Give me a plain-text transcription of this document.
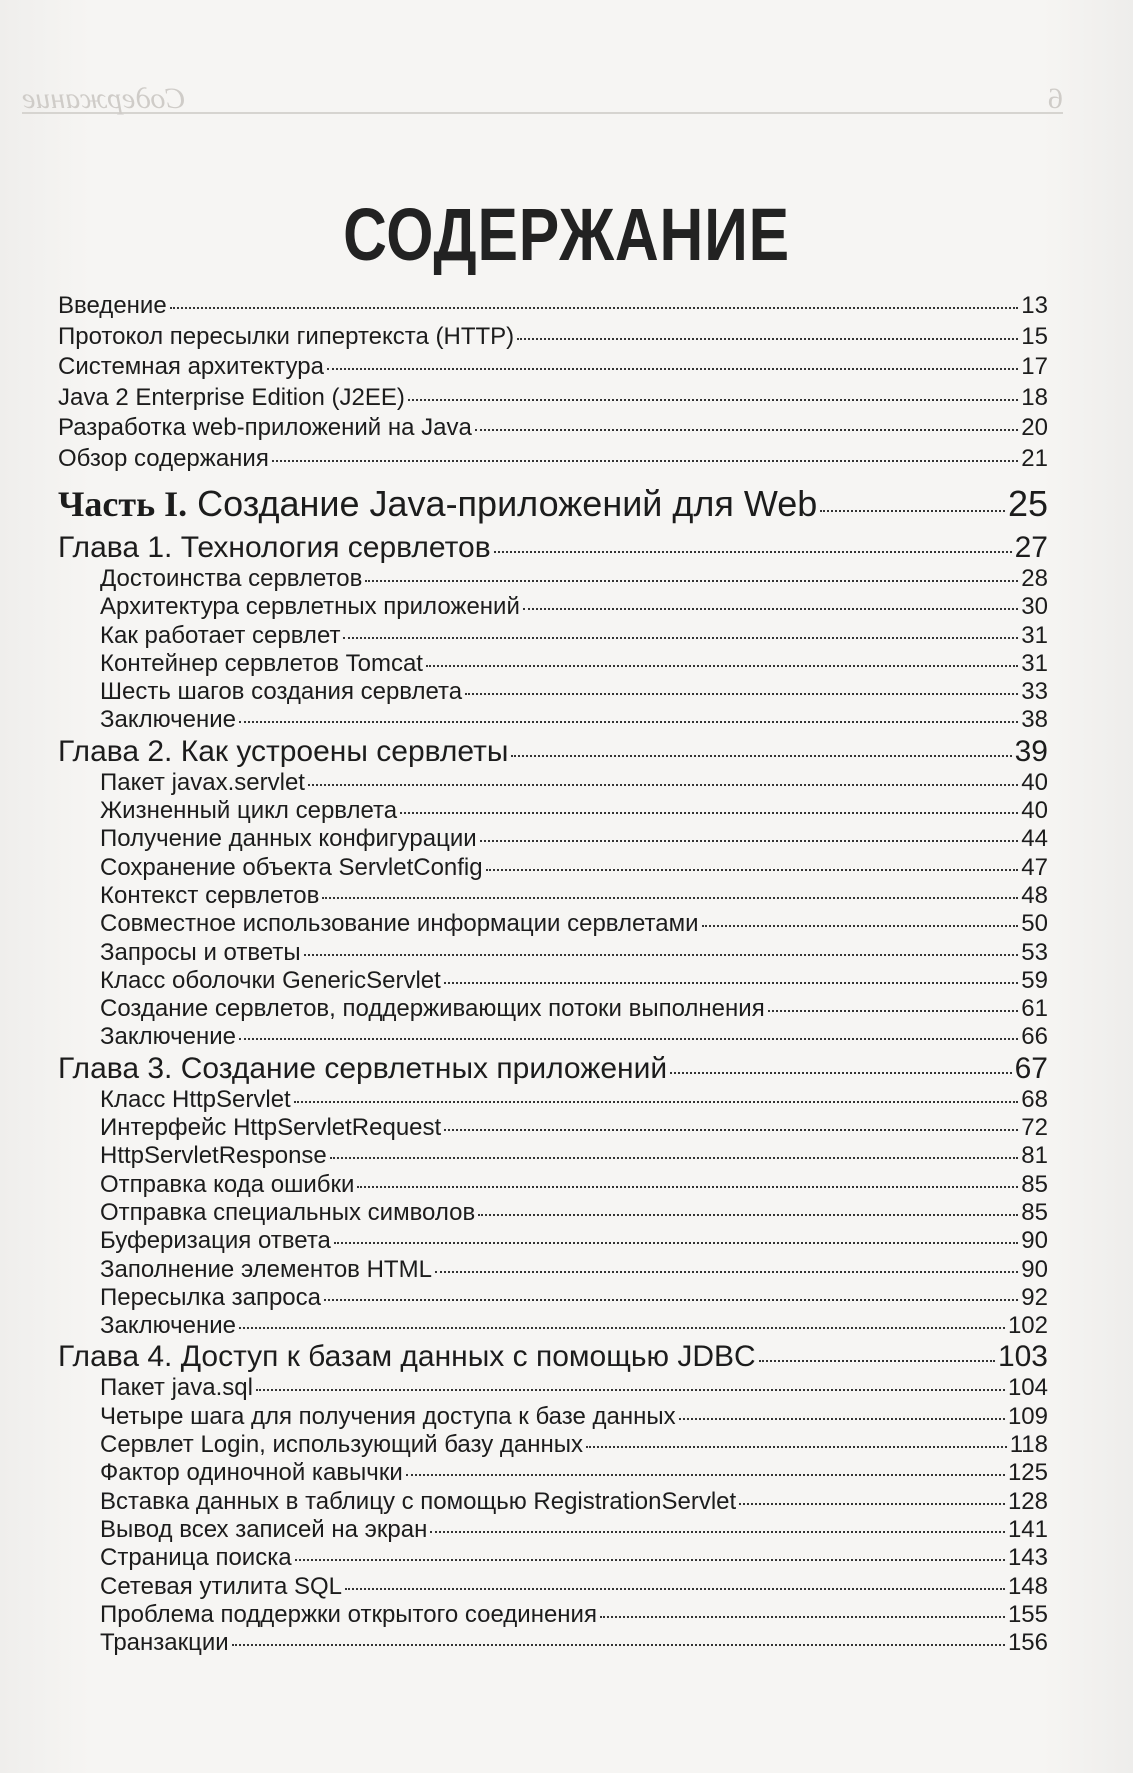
Содержание	6
СОДЕРЖАНИЕ
Введение	13
Протокол пересылки гипертекста (HTTP)	15
Системная архитектура	17
Java 2 Enterprise Edition (J2EE)	18
Разработка web-приложений на Java	20
Обзор содержания	21
Часть I. Создание Java-приложений для Web	25
Глава 1. Технология сервлетов	27
Достоинства сервлетов	28
Архитектура сервлетных приложений	30
Как работает сервлет	31
Контейнер сервлетов Tomcat	31
Шесть шагов создания сервлета	33
Заключение	38
Глава 2. Как устроены сервлеты	39
Пакет javax.servlet	40
Жизненный цикл сервлета	40
Получение данных конфигурации	44
Сохранение объекта ServletConfig	47
Контекст сервлетов	48
Совместное использование информации сервлетами	50
Запросы и ответы	53
Класс оболочки GenericServlet	59
Создание сервлетов, поддерживающих потоки выполнения	61
Заключение	66
Глава 3. Создание сервлетных приложений	67
Класс HttpServlet	68
Интерфейс HttpServletRequest	72
HttpServletResponse	81
Отправка кода ошибки	85
Отправка специальных символов	85
Буферизация ответа	90
Заполнение элементов HTML	90
Пересылка запроса	92
Заключение	102
Глава 4. Доступ к базам данных с помощью JDBC	103
Пакет java.sql	104
Четыре шага для получения доступа к базе данных	109
Сервлет Login, использующий базу данных	118
Фактор одиночной кавычки	125
Вставка данных в таблицу с помощью RegistrationServlet	128
Вывод всех записей на экран	141
Страница поиска	143
Сетевая утилита SQL	148
Проблема поддержки открытого соединения	155
Транзакции	156
